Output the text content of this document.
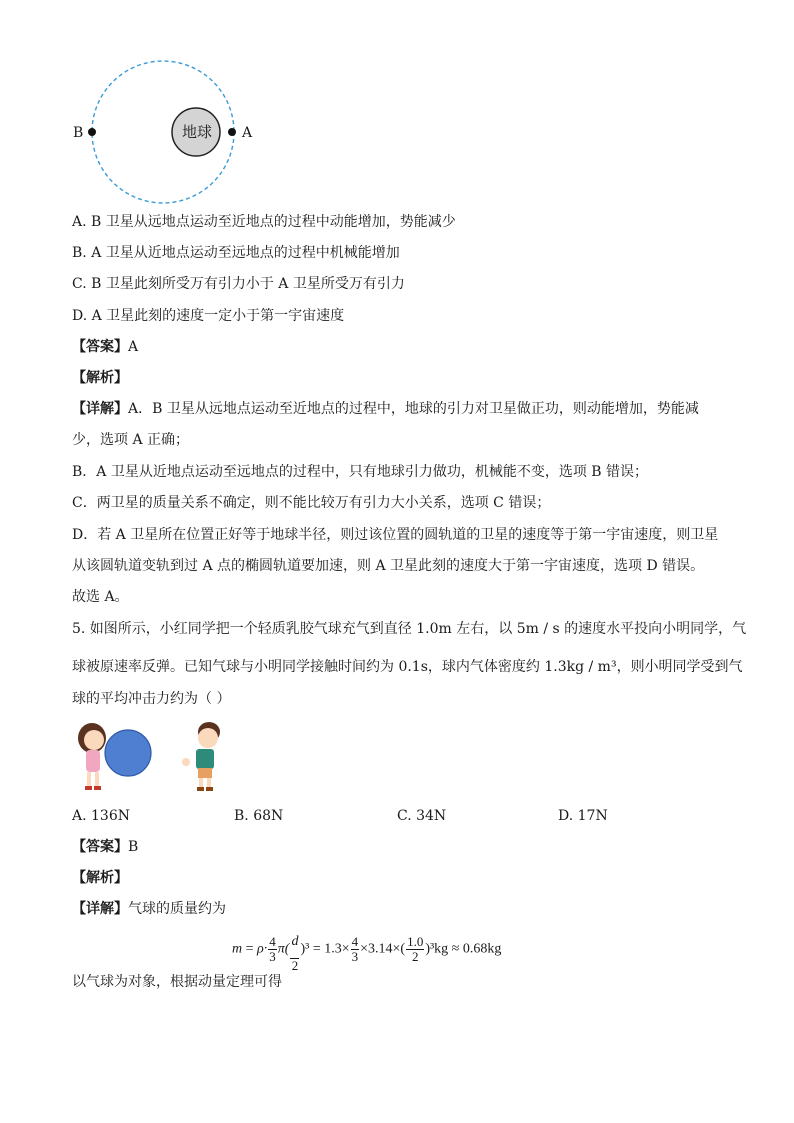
地球
B	A
A. B 卫星从远地点运动至近地点的过程中动能增加，势能减少
B. A 卫星从近地点运动至远地点的过程中机械能增加
C. B 卫星此刻所受万有引力小于 A 卫星所受万有引力
D. A 卫星此刻的速度一定小于第一宇宙速度
【答案】A
【解析】
【详解】A．B 卫星从远地点运动至近地点的过程中，地球的引力对卫星做正功，则动能增加，势能减
少，选项 A 正确；
B．A 卫星从近地点运动至远地点的过程中，只有地球引力做功，机械能不变，选项 B 错误；
C．两卫星的质量关系不确定，则不能比较万有引力大小关系，选项 C 错误；
D．若 A 卫星所在位置正好等于地球半径，则过该位置的圆轨道的卫星的速度等于第一宇宙速度，则卫星
从该圆轨道变轨到过 A 点的椭圆轨道要加速，则 A 卫星此刻的速度大于第一宇宙速度，选项 D 错误。
故选 A。
5. 如图所示，小红同学把一个轻质乳胶气球充气到直径 1.0m 左右，以 5m / s 的速度水平投向小明同学，气
球被原速率反弹。已知气球与小明同学接触时间约为 0.1s，球内气体密度约 1.3kg / m³，则小明同学受到气
球的平均冲击力约为（ ）
A. 136N	B. 68N	C. 34N	D. 17N
【答案】B
【解析】
【详解】气球的质量约为
$m = \rho\cdot \frac{4}{3} \pi( \frac{d}{2} )^3 = 1.3\times \frac{4}{3} \times 3.14\times( \frac{1.0}{2} )^3kg \approx 0.68kg$
以气球为对象，根据动量定理可得
